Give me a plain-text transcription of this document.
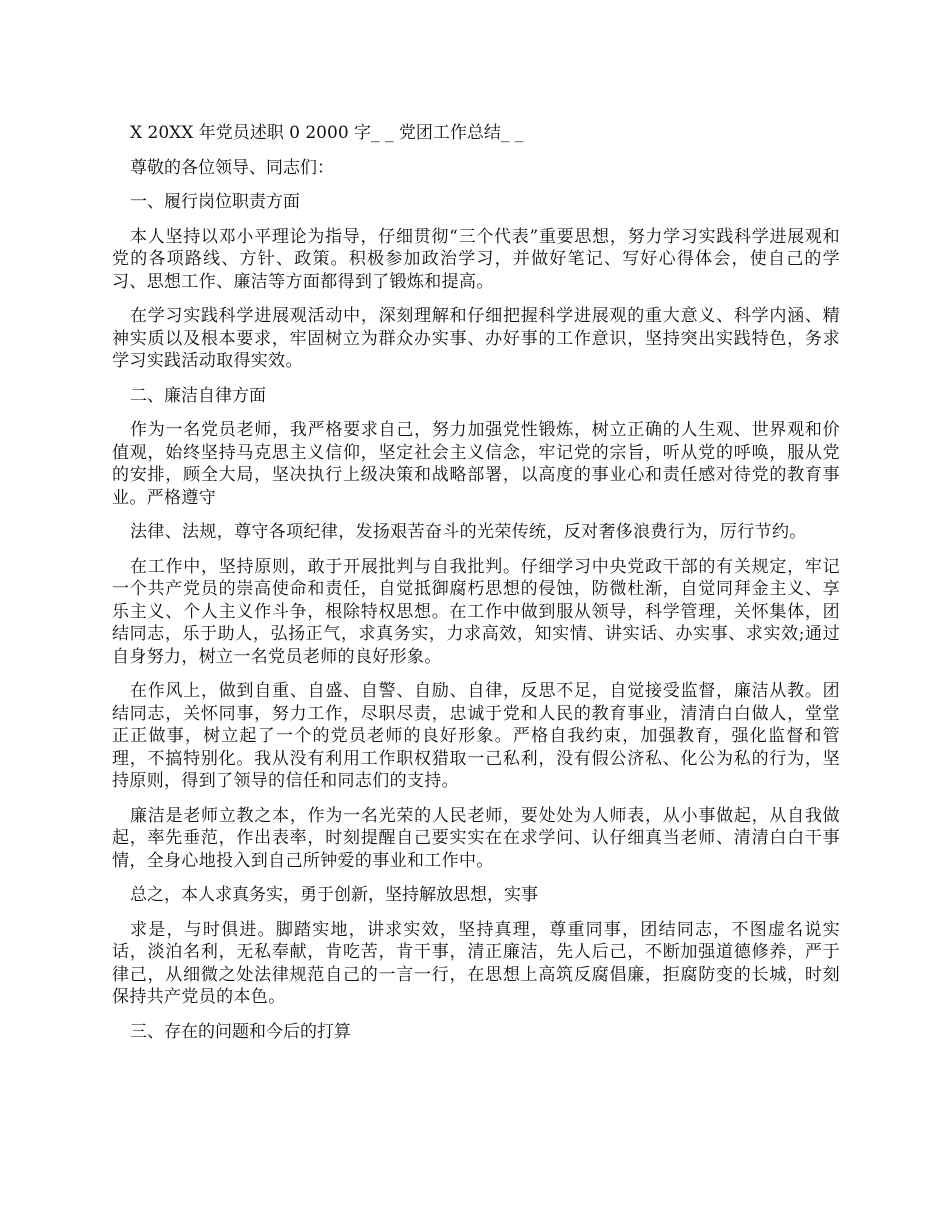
X 20XX 年党员述职 0 2000 字_ _ 党团工作总结_ _

尊敬的各位领导、同志们：

一、履行岗位职责方面

本人坚持以邓小平理论为指导，仔细贯彻“三个代表”重要思想，努力学习实践科学进展观和党的各项路线、方针、政策。积极参加政治学习，并做好笔记、写好心得体会，使自己的学习、思想工作、廉洁等方面都得到了锻炼和提高。

在学习实践科学进展观活动中，深刻理解和仔细把握科学进展观的重大意义、科学内涵、精神实质以及根本要求，牢固树立为群众办实事、办好事的工作意识，坚持突出实践特色，务求学习实践活动取得实效。

二、廉洁自律方面

作为一名党员老师，我严格要求自己，努力加强党性锻炼，树立正确的人生观、世界观和价值观，始终坚持马克思主义信仰，坚定社会主义信念，牢记党的宗旨，听从党的呼唤，服从党的安排，顾全大局，坚决执行上级决策和战略部署，以高度的事业心和责任感对待党的教育事业。严格遵守

法律、法规，尊守各项纪律，发扬艰苦奋斗的光荣传统，反对奢侈浪费行为，厉行节约。

在工作中，坚持原则，敢于开展批判与自我批判。仔细学习中央党政干部的有关规定，牢记一个共产党员的崇高使命和责任，自觉抵御腐朽思想的侵蚀，防微杜渐，自觉同拜金主义、享乐主义、个人主义作斗争，根除特权思想。在工作中做到服从领导，科学管理，关怀集体，团结同志，乐于助人，弘扬正气，求真务实，力求高效，知实情、讲实话、办实事、求实效;通过自身努力，树立一名党员老师的良好形象。

在作风上，做到自重、自盛、自警、自励、自律，反思不足，自觉接受监督，廉洁从教。团结同志，关怀同事，努力工作，尽职尽责，忠诚于党和人民的教育事业，清清白白做人，堂堂正正做事，树立起了一个的党员老师的良好形象。严格自我约束，加强教育，强化监督和管理，不搞特别化。我从没有利用工作职权猎取一己私利，没有假公济私、化公为私的行为，坚持原则，得到了领导的信任和同志们的支持。

廉洁是老师立教之本，作为一名光荣的人民老师，要处处为人师表，从小事做起，从自我做起，率先垂范，作出表率，时刻提醒自己要实实在在求学问、认仔细真当老师、清清白白干事情，全身心地投入到自己所钟爱的事业和工作中。

总之，本人求真务实，勇于创新，坚持解放思想，实事

求是，与时俱进。脚踏实地，讲求实效，坚持真理，尊重同事，团结同志，不图虚名说实话，淡泊名利，无私奉献，肯吃苦，肯干事，清正廉洁，先人后己，不断加强道德修养，严于律己，从细微之处法律规范自己的一言一行，在思想上高筑反腐倡廉，拒腐防变的长城，时刻保持共产党员的本色。

三、存在的问题和今后的打算
